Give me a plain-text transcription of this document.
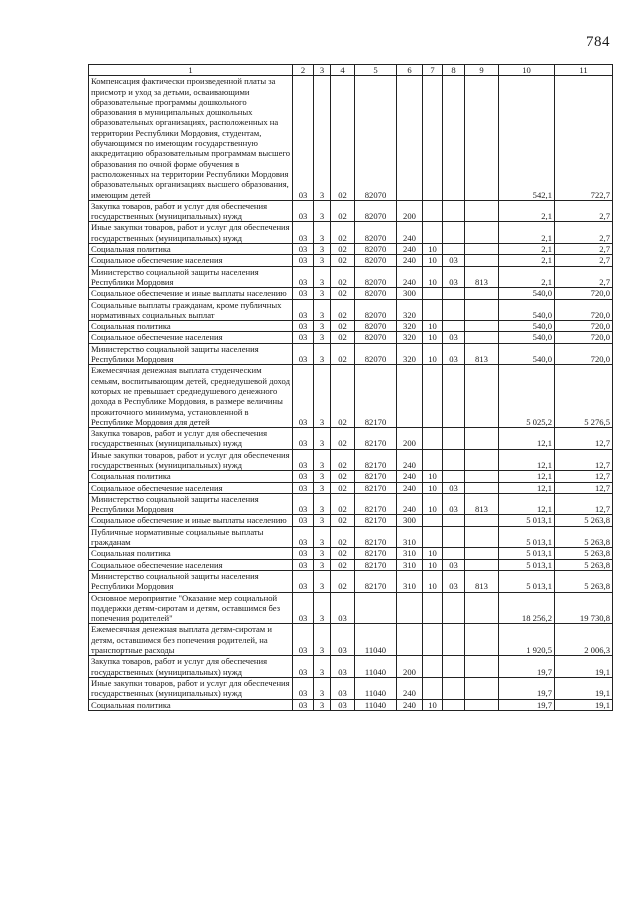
784
1	2	3	4	5	6	7	8	9	10	11
Компенсация фактически произведенной платы за присмотр и уход за детьми, осваивающими образовательные программы дошкольного образования в муниципальных дошкольных образовательных организациях, расположенных на территории Республики Мордовия, студентам, обучающимся по имеющим государственную аккредитацию образовательным программам высшего образования по очной форме обучения в расположенных на территории Республики Мордовия образовательных организациях высшего образования, имеющим детей	03	3	02	82070					542,1	722,7
Закупка товаров, работ и услуг для обеспечения государственных (муниципальных) нужд	03	3	02	82070	200				2,1	2,7
Иные закупки товаров, работ и услуг для обеспечения государственных (муниципальных) нужд	03	3	02	82070	240				2,1	2,7
Социальная политика	03	3	02	82070	240	10			2,1	2,7
Социальное обеспечение населения	03	3	02	82070	240	10	03		2,1	2,7
Министерство социальной защиты населения Республики Мордовия	03	3	02	82070	240	10	03	813	2,1	2,7
Социальное обеспечение и иные выплаты населению	03	3	02	82070	300				540,0	720,0
Социальные выплаты гражданам, кроме публичных нормативных социальных выплат	03	3	02	82070	320				540,0	720,0
Социальная политика	03	3	02	82070	320	10			540,0	720,0
Социальное обеспечение населения	03	3	02	82070	320	10	03		540,0	720,0
Министерство социальной защиты населения Республики Мордовия	03	3	02	82070	320	10	03	813	540,0	720,0
Ежемесячная денежная выплата студенческим семьям, воспитывающим детей, среднедушевой доход которых не превышает среднедушевого денежного дохода в Республике Мордовия, в размере величины прожиточного минимума, установленной в Республике Мордовия для детей	03	3	02	82170					5 025,2	5 276,5
Закупка товаров, работ и услуг для обеспечения государственных (муниципальных) нужд	03	3	02	82170	200				12,1	12,7
Иные закупки товаров, работ и услуг для обеспечения государственных (муниципальных) нужд	03	3	02	82170	240				12,1	12,7
Социальная политика	03	3	02	82170	240	10			12,1	12,7
Социальное обеспечение населения	03	3	02	82170	240	10	03		12,1	12,7
Министерство социальной защиты населения Республики Мордовия	03	3	02	82170	240	10	03	813	12,1	12,7
Социальное обеспечение и иные выплаты населению	03	3	02	82170	300				5 013,1	5 263,8
Публичные нормативные социальные выплаты гражданам	03	3	02	82170	310				5 013,1	5 263,8
Социальная политика	03	3	02	82170	310	10			5 013,1	5 263,8
Социальное обеспечение населения	03	3	02	82170	310	10	03		5 013,1	5 263,8
Министерство социальной защиты населения Республики Мордовия	03	3	02	82170	310	10	03	813	5 013,1	5 263,8
Основное мероприятие "Оказание мер социальной поддержки детям-сиротам и детям, оставшимся без попечения родителей"	03	3	03						18 256,2	19 730,8
Ежемесячная денежная выплата детям-сиротам и детям, оставшимся без попечения родителей, на транспортные расходы	03	3	03	11040					1 920,5	2 006,3
Закупка товаров, работ и услуг для обеспечения государственных (муниципальных) нужд	03	3	03	11040	200				19,7	19,1
Иные закупки товаров, работ и услуг для обеспечения государственных (муниципальных) нужд	03	3	03	11040	240				19,7	19,1
Социальная политика	03	3	03	11040	240	10			19,7	19,1
